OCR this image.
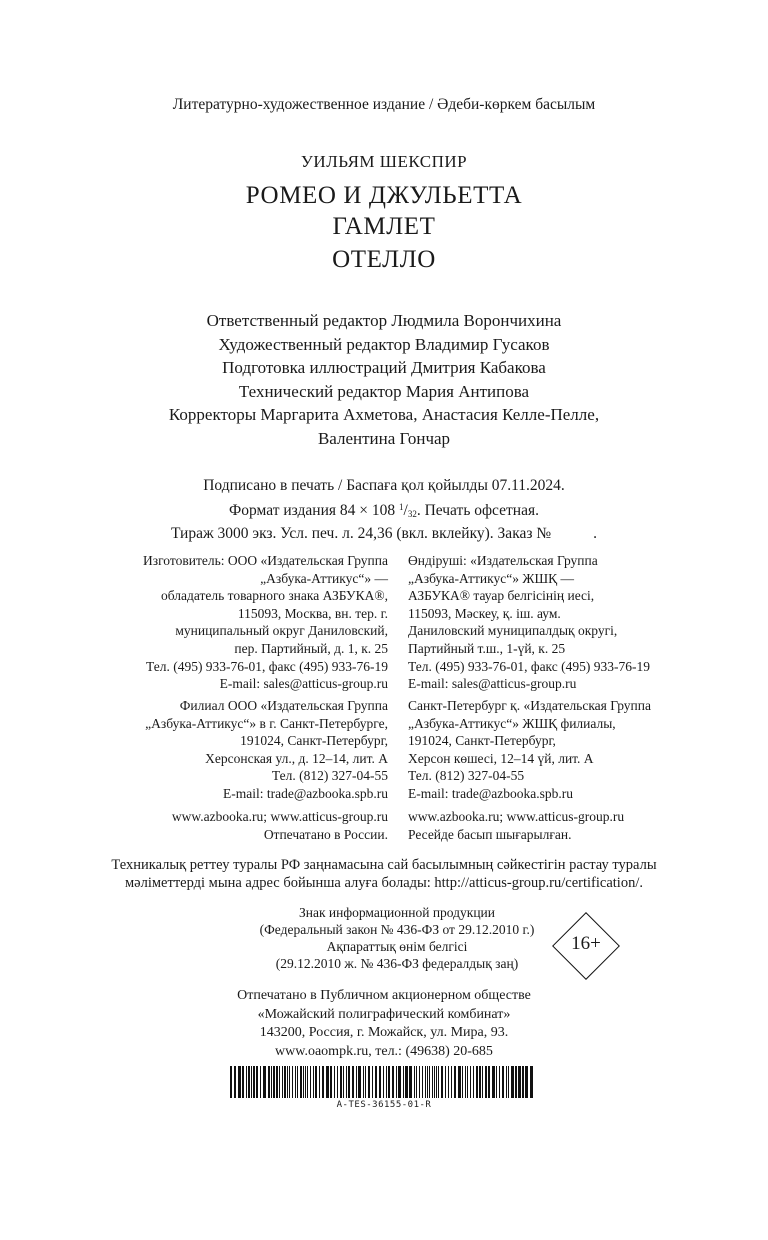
Литературно-художественное издание / Әдеби-көркем басылым
УИЛЬЯМ ШЕКСПИР
РОМЕО И ДЖУЛЬЕТТА
ГАМЛЕТ
ОТЕЛЛО
Ответственный редактор Людмила Ворончихина
Художественный редактор Владимир Гусаков
Подготовка иллюстраций Дмитрия Кабакова
Технический редактор Мария Антипова
Корректоры Маргарита Ахметова, Анастасия Келле-Пелле,
Валентина Гончар
Подписано в печать / Баспаға қол қойылды 07.11.2024.
Формат издания 84 × 108 $^1/_{32}$. Печать офсетная.
Тираж 3000 экз. Усл. печ. л. 24,36 (вкл. вклейку). Заказ №	.
Изготовитель: ООО «Издательская Группа
„Азбука-Аттикус“» —
обладатель товарного знака АЗБУКА®,
115093, Москва, вн. тер. г.
муниципальный округ Даниловский,
пер. Партийный, д. 1, к. 25
Тел. (495) 933-76-01, факс (495) 933-76-19
E-mail: sales@atticus-group.ru
Өндіруші: «Издательская Группа
„Азбука-Аттикус“» ЖШҚ —
АЗБУКА® тауар белгісінің иесі,
115093, Мәскеу, қ. іш. аум.
Даниловский муниципалдық округі,
Партийный т.ш., 1-үй, к. 25
Тел. (495) 933-76-01, факс (495) 933-76-19
E-mail: sales@atticus-group.ru
Филиал ООО «Издательская Группа
„Азбука-Аттикус“» в г. Санкт-Петербурге,
191024, Санкт-Петербург,
Херсонская ул., д. 12–14, лит. А
Тел. (812) 327-04-55
E-mail: trade@azbooka.spb.ru
Санкт-Петербург қ. «Издательская Группа
„Азбука-Аттикус“» ЖШҚ филиалы,
191024, Санкт-Петербург,
Херсон көшесі, 12–14 үй, лит. А
Тел. (812) 327-04-55
E-mail: trade@azbooka.spb.ru
www.azbooka.ru; www.atticus-group.ru
Отпечатано в России.
www.azbooka.ru; www.atticus-group.ru
Ресейде басып шығарылған.
Техникалық реттеу туралы РФ заңнамасына сай басылымның сәйкестігін растау туралы
мәліметтерді мына адрес бойынша алуға болады: http://atticus-group.ru/certification/.
Знак информационной продукции
(Федеральный закон № 436-ФЗ от 29.12.2010 г.)
Ақпараттық өнім белгісі
(29.12.2010 ж. № 436-ФЗ федералдық заң)
16+
Отпечатано в Публичном акционерном обществе
«Можайский полиграфический комбинат»
143200, Россия, г. Можайск, ул. Мира, 93.
www.oaompk.ru, тел.: (49638) 20-685
A-TES-36155-01-R
